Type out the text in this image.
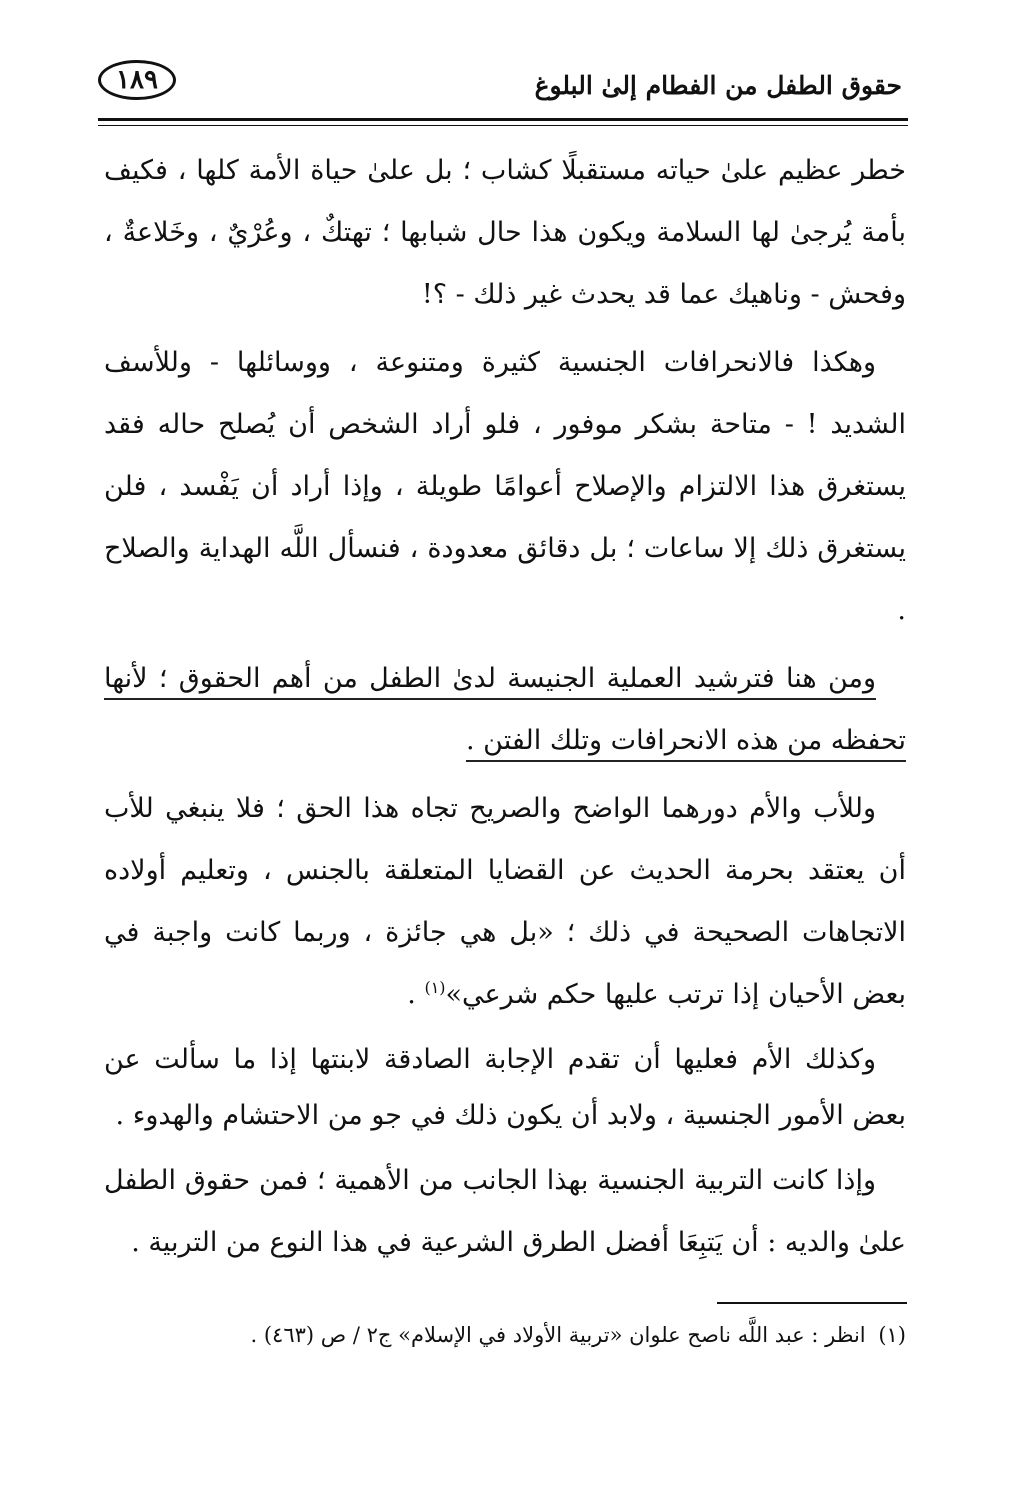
حقوق الطفل من الفطام إلىٰ البلوغ
١٨٩

خطر عظيم علىٰ حياته مستقبلًا كشاب ؛ بل علىٰ حياة الأمة كلها ، فكيف بأمة يُرجىٰ لها السلامة ويكون هذا حال شبابها ؛ تهتكٌ ، وعُرْيٌ ، وخَلاعةٌ ، وفحش - وناهيك عما قد يحدث غير ذلك - ؟!

وهكذا فالانحرافات الجنسية كثيرة ومتنوعة ، ووسائلها - وللأسف الشديد ! - متاحة بشكر موفور ، فلو أراد الشخص أن يُصلح حاله فقد يستغرق هذا الالتزام والإصلاح أعوامًا طويلة ، وإذا أراد أن يَفْسد ، فلن يستغرق ذلك إلا ساعات ؛ بل دقائق معدودة ، فنسأل اللَّه الهداية والصلاح .

ومن هنا فترشيد العملية الجنيسة لدىٰ الطفل من أهم الحقوق ؛ لأنها تحفظه من هذه الانحرافات وتلك الفتن .

وللأب والأم دورهما الواضح والصريح تجاه هذا الحق ؛ فلا ينبغي للأب أن يعتقد بحرمة الحديث عن القضايا المتعلقة بالجنس ، وتعليم أولاده الاتجاهات الصحيحة في ذلك ؛ «بل هي جائزة ، وربما كانت واجبة في بعض الأحيان إذا ترتب عليها حكم شرعي»$^{(١)}$ .

وكذلك الأم فعليها أن تقدم الإجابة الصادقة لابنتها إذا ما سألت عن بعض الأمور الجنسية ، ولابد أن يكون ذلك في جو من الاحتشام والهدوء .

وإذا كانت التربية الجنسية بهذا الجانب من الأهمية ؛ فمن حقوق الطفل علىٰ والديه : أن يَتبِعَا أفضل الطرق الشرعية في هذا النوع من التربية .

(١) انظر : عبد اللَّه ناصح علوان «تربية الأولاد في الإسلام» ج٢ / ص (٤٦٣) .
